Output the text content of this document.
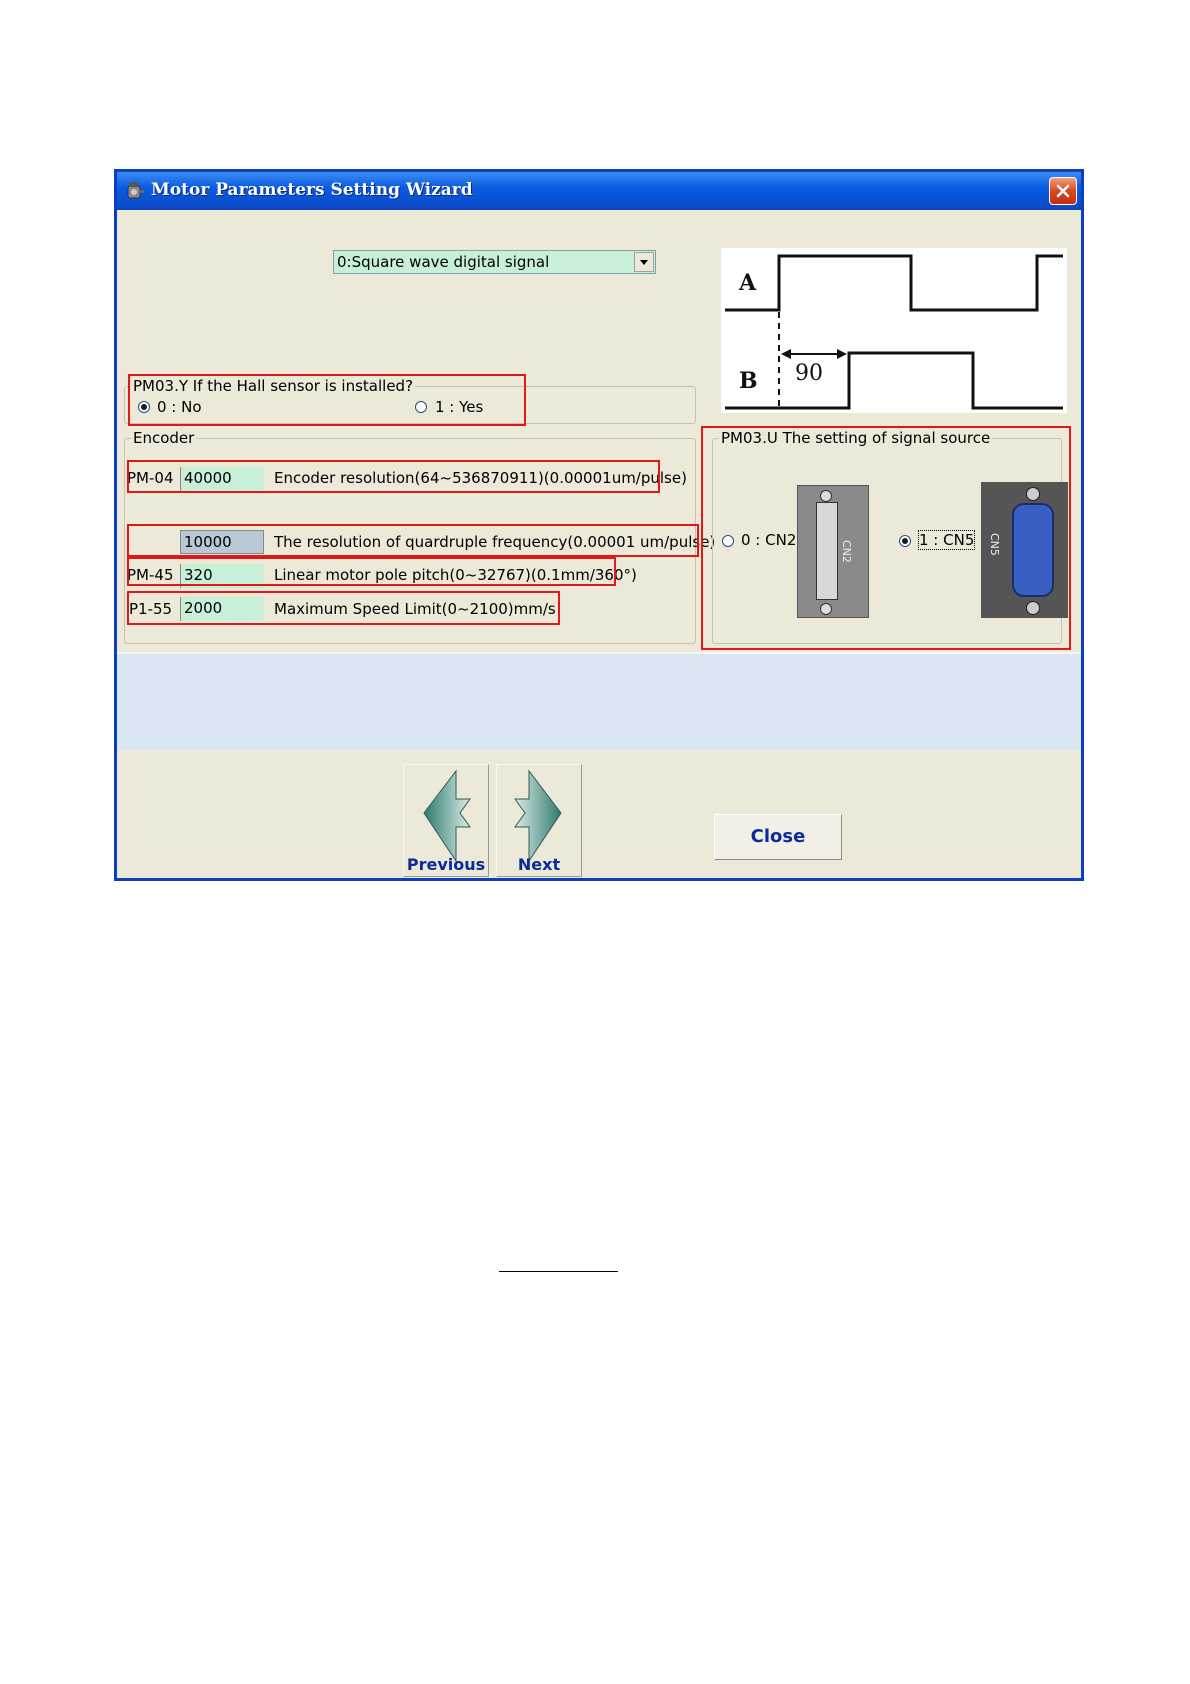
Motor Parameters Setting Wizard
0:Square wave digital signal
A
B 90
PM03.Y If the Hall sensor is installed?
0 : No	1 : Yes
Encoder
PM-04 40000	Encoder resolution(64~536870911)(0.00001um/pulse)
10000	The resolution of quardruple frequency(0.00001 um/pulse)
PM-45 320	Linear motor pole pitch(0~32767)(0.1mm/360°)
P1-55 2000	Maximum Speed Limit(0~2100)mm/s
PM03.U The setting of signal source
0 : CN2	CN2	1 : CN5 CN5
Previous	Next
Close
